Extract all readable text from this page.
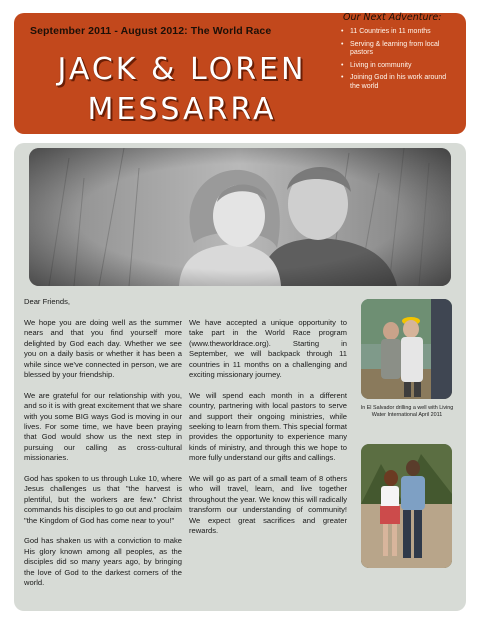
September 2011 - August 2012: The World Race
JACK & LOREN
MESSARRA
Our Next Adventure:
• 11 Countries in 11 months
• Serving & learning from local pastors
• Living in community
• Joining God in his work around the world
Dear Friends,

We hope you are doing well as the summer nears and that you find yourself more delighted by God each day. Whether we see you on a daily basis or whether it has been a while since we've connected in person, we are blessed by your friendship.

We are grateful for our relationship with you, and so it is with great excitement that we share with you some BIG ways God is moving in our lives. For some time, we have been praying that God would show us the next step in pursuing our calling as cross-cultural missionaries.

God has spoken to us through Luke 10, where Jesus challenges us that "the harvest is plentiful, but the workers are few." Christ commands his disciples to go out and proclaim "the Kingdom of God has come near to you!"

God has shaken us with a conviction to make His glory known among all peoples, as the disciples did so many years ago, by bringing the love of God to the darkest corners of the world.

We have accepted a unique opportunity to take part in the World Race program (www.theworldrace.org). Starting in September, we will backpack through 11 countries in 11 months on a challenging and exciting missionary journey.

We will spend each month in a different country, partnering with local pastors to serve and support their ongoing ministries, while seeking to learn from them. This special format provides the opportunity to experience many kinds of ministry, and through this we hope to more fully understand our gifts and callings.

We will go as part of a small team of 8 others who will travel, learn, and live together throughout the year. We know this will radically transform our understanding of community! We expect great sacrifices and greater rewards.

In El Salvador drilling a well with Living Water International April 2011
